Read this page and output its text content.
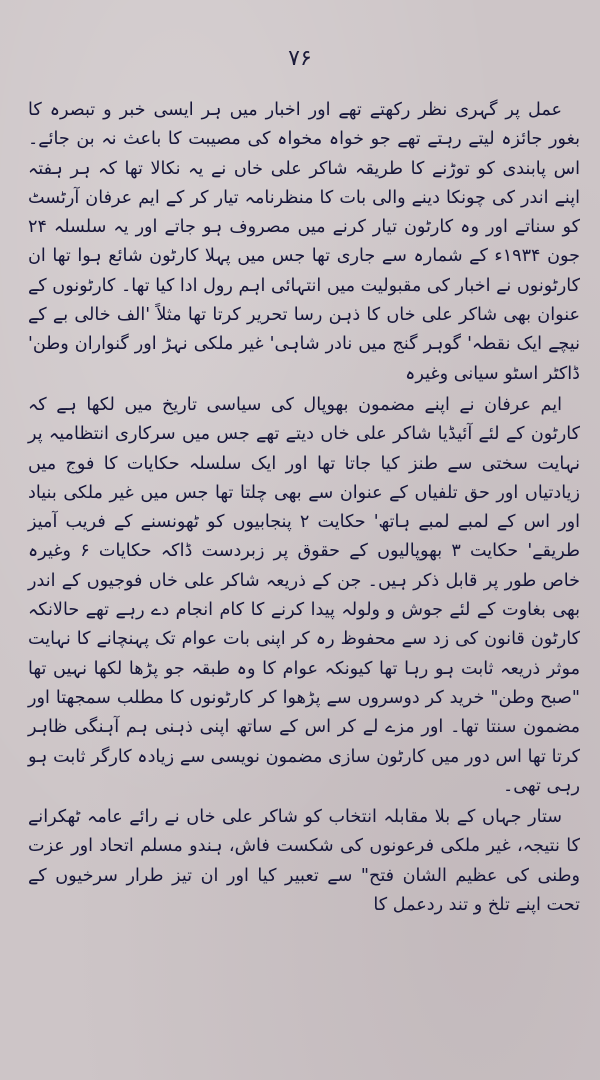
۷۶

عمل پر گہری نظر رکھتے تھے اور اخبار میں ہر ایسی خبر و تبصرہ کا بغور جائزہ لیتے رہتے تھے جو خواہ مخواہ کی مصیبت کا باعث نہ بن جائے۔ اس پابندی کو توڑنے کا طریقہ شاکر علی خاں نے یہ نکالا تھا کہ ہر ہفتہ اپنے اندر کی چونکا دینے والی بات کا منظرنامہ تیار کر کے ایم عرفان آرٹسٹ کو سناتے اور وہ کارٹون تیار کرنے میں مصروف ہو جاتے اور یہ سلسلہ ۲۴ جون ۱۹۳۴ء کے شمارہ سے جاری تھا جس میں پہلا کارٹون شائع ہوا تھا ان کارٹونوں نے اخبار کی مقبولیت میں انتہائی اہم رول ادا کیا تھا۔ کارٹونوں کے عنوان بھی شاکر علی خاں کا ذہن رسا تحریر کرتا تھا مثلاً 'الف خالی بے کے نیچے ایک نقطہ' گوہر گنج میں نادر شاہی' غیر ملکی نہڑ اور گنواران وطن' ڈاکٹر اسٹو سیانی وغیرہ

ایم عرفان نے اپنے مضمون بھوپال کی سیاسی تاریخ میں لکھا ہے کہ کارٹون کے لئے آئیڈیا شاکر علی خاں دیتے تھے جس میں سرکاری انتظامیہ پر نہایت سختی سے طنز کیا جاتا تھا اور ایک سلسلہ حکایات کا فوج میں زیادتیاں اور حق تلفیاں کے عنوان سے بھی چلتا تھا جس میں غیر ملکی بنیاد اور اس کے لمبے لمبے ہاتھ' حکایت ۲ پنجابیوں کو ٹھونسنے کے فریب آمیز طریقے' حکایت ۳ بھوپالیوں کے حقوق پر زبردست ڈاکہ حکایات ۶ وغیرہ خاص طور پر قابل ذکر ہیں۔ جن کے ذریعہ شاکر علی خاں فوجیوں کے اندر بھی بغاوت کے لئے جوش و ولولہ پیدا کرنے کا کام انجام دے رہے تھے حالانکہ کارٹون قانون کی زد سے محفوظ رہ کر اپنی بات عوام تک پہنچانے کا نہایت موثر ذریعہ ثابت ہو رہا تھا کیونکہ عوام کا وہ طبقہ جو پڑھا لکھا نہیں تھا "صبح وطن" خرید کر دوسروں سے پڑھوا کر کارٹونوں کا مطلب سمجھتا اور مضمون سنتا تھا۔ اور مزے لے کر اس کے ساتھ اپنی ذہنی ہم آہنگی ظاہر کرتا تھا اس دور میں کارٹون سازی مضمون نویسی سے زیادہ کارگر ثابت ہو رہی تھی۔

ستار جہاں کے بلا مقابلہ انتخاب کو شاکر علی خاں نے رائے عامہ ٹھکرانے کا نتیجہ، غیر ملکی فرعونوں کی شکست فاش، ہندو مسلم اتحاد اور عزت وطنی کی عظیم الشان فتح" سے تعبیر کیا اور ان تیز طرار سرخیوں کے تحت اپنے تلخ و تند ردعمل کا
